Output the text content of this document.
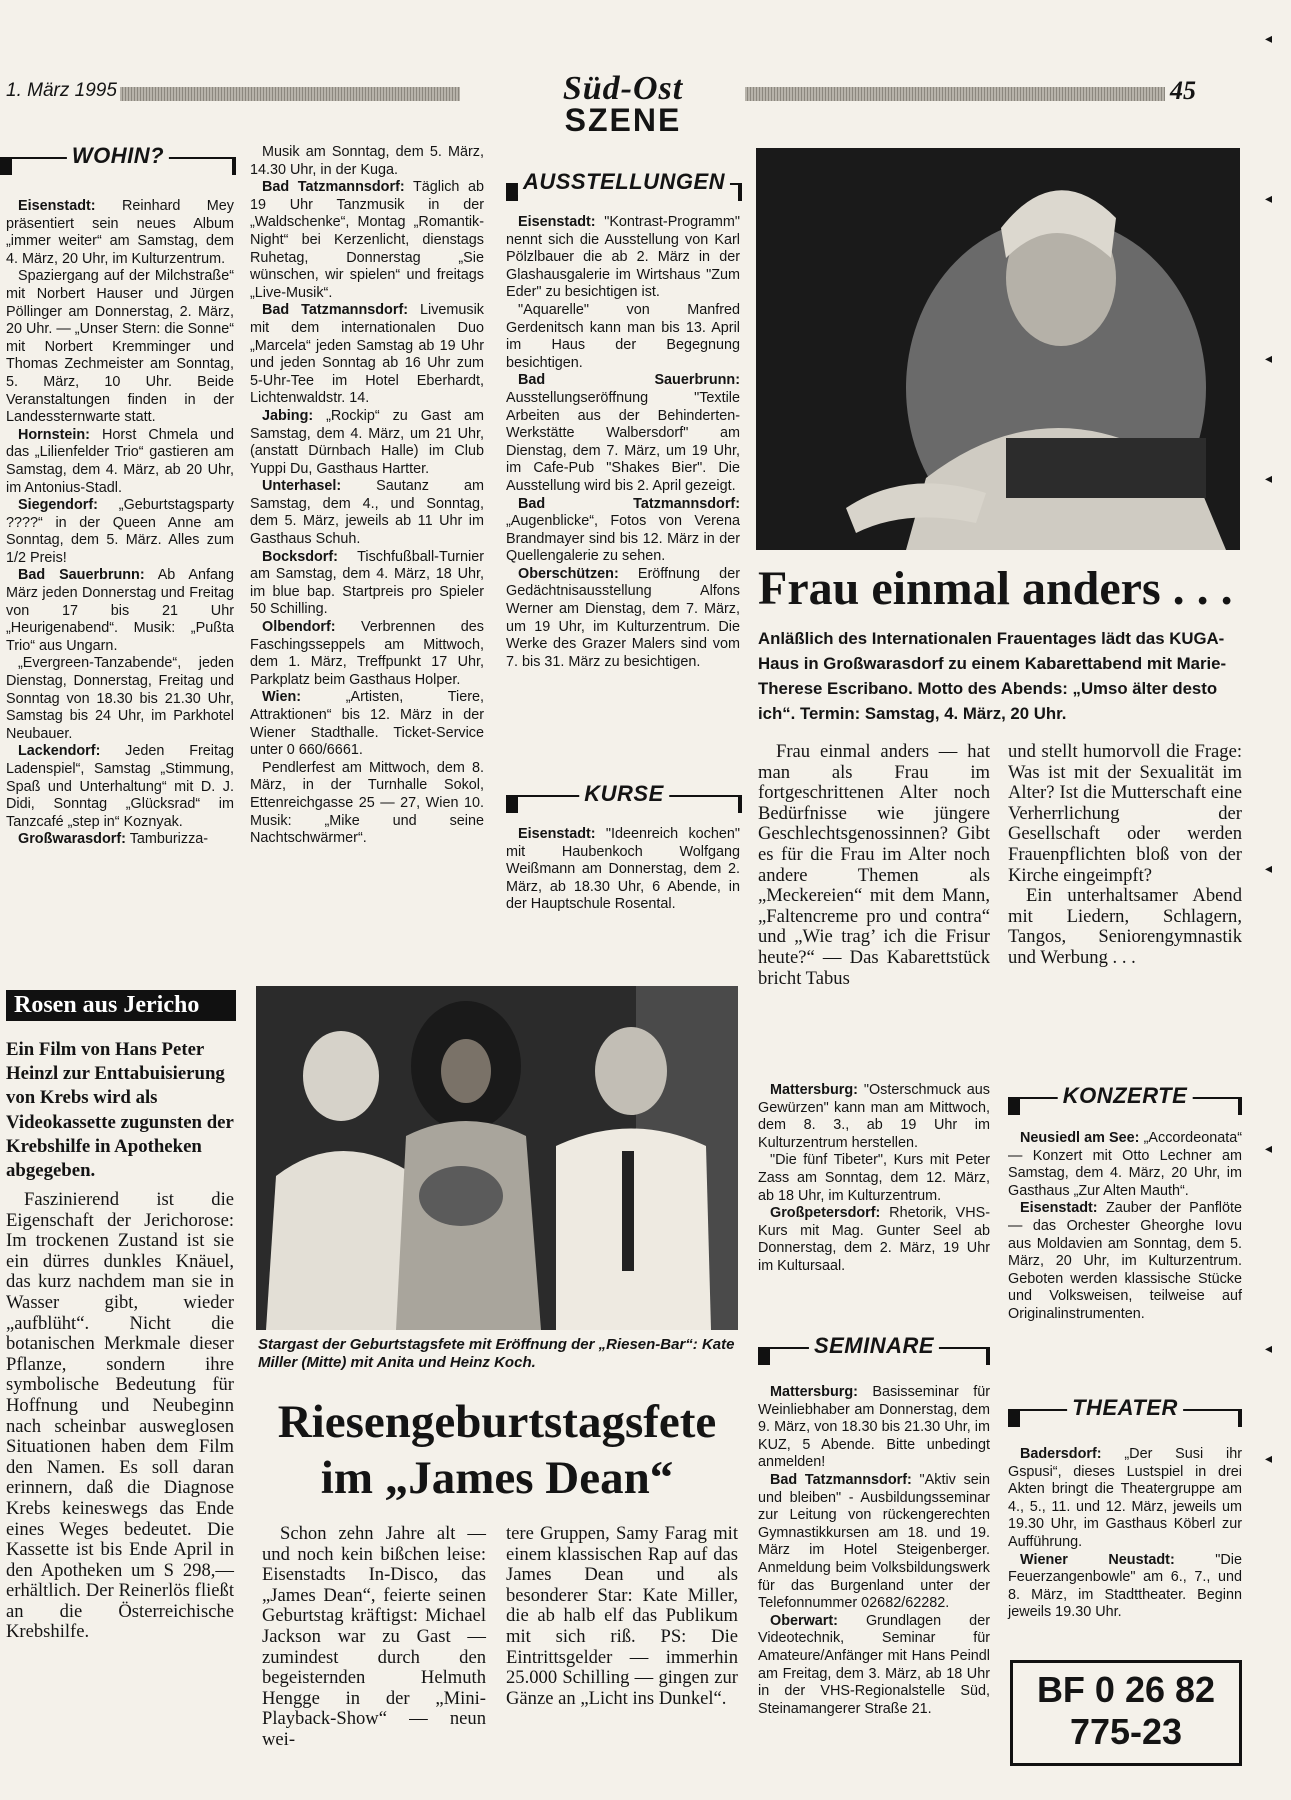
1. März 1995	Süd-Ost
SZENE
45
◂
◂
◂
◂
◂
◂
◂
◂
WOHIN?

Eisenstadt: Reinhard Mey präsentiert sein neues Album „immer weiter“ am Samstag, dem 4. März, 20 Uhr, im Kulturzentrum.

Spaziergang auf der Milchstraße“ mit Norbert Hauser und Jürgen Pöllinger am Donnerstag, 2. März, 20 Uhr. — „Unser Stern: die Sonne“ mit Norbert Kremminger und Thomas Zechmeister am Sonntag, 5. März, 10 Uhr. Beide Veranstaltungen finden in der Landessternwarte statt.

Hornstein: Horst Chmela und das „Lilienfelder Trio“ gastieren am Samstag, dem 4. März, ab 20 Uhr, im Antonius-Stadl.

Siegendorf: „Geburtstagsparty ????“ in der Queen Anne am Sonntag, dem 5. März. Alles zum 1/2 Preis!

Bad Sauerbrunn: Ab Anfang März jeden Donnerstag und Freitag von 17 bis 21 Uhr „Heurigenabend“. Musik: „Pußta Trio“ aus Ungarn.

„Evergreen-Tanzabende“, jeden Dienstag, Donnerstag, Freitag und Sonntag von 18.30 bis 21.30 Uhr, Samstag bis 24 Uhr, im Parkhotel Neubauer.

Lackendorf: Jeden Freitag Ladenspiel“, Samstag „Stimmung, Spaß und Unterhaltung“ mit D. J. Didi, Sonntag „Glücksrad“ im Tanzcafé „step in“ Koznyak.

Großwarasdorf: Tamburizza-

Musik am Sonntag, dem 5. März, 14.30 Uhr, in der Kuga.

Bad Tatzmannsdorf: Täglich ab 19 Uhr Tanzmusik in der „Waldschenke“, Montag „Romantik-Night“ bei Kerzenlicht, dienstags Ruhetag, Donnerstag „Sie wünschen, wir spielen“ und freitags „Live-Musik“.

Bad Tatzmannsdorf: Livemusik mit dem internationalen Duo „Marcela“ jeden Samstag ab 19 Uhr und jeden Sonntag ab 16 Uhr zum 5-Uhr-Tee im Hotel Eberhardt, Lichtenwaldstr. 14.

Jabing: „Rockip“ zu Gast am Samstag, dem 4. März, um 21 Uhr, (anstatt Dürnbach Halle) im Club Yuppi Du, Gasthaus Hartter.

Unterhasel: Sautanz am Samstag, dem 4., und Sonntag, dem 5. März, jeweils ab 11 Uhr im Gasthaus Schuh.

Bocksdorf: Tischfußball-Turnier am Samstag, dem 4. März, 18 Uhr, im blue bap. Startpreis pro Spieler 50 Schilling.

Olbendorf: Verbrennen des Faschingsseppels am Mittwoch, dem 1. März, Treffpunkt 17 Uhr, Parkplatz beim Gasthaus Holper.

Wien: „Artisten, Tiere, Attraktionen“ bis 12. März in der Wiener Stadthalle. Ticket-Service unter 0 660/6661.

Pendlerfest am Mittwoch, dem 8. März, in der Turnhalle Sokol, Ettenreichgasse 25 — 27, Wien 10. Musik: „Mike und seine Nachtschwärmer“.

AUSSTELLUNGEN

Eisenstadt: "Kontrast-Programm" nennt sich die Ausstellung von Karl Pölzlbauer die ab 2. März in der Glashausgalerie im Wirtshaus "Zum Eder" zu besichtigen ist.

"Aquarelle" von Manfred Gerdenitsch kann man bis 13. April im Haus der Begegnung besichtigen.

Bad Sauerbrunn: Ausstellungseröffnung "Textile Arbeiten aus der Behinderten-Werkstätte Walbersdorf" am Dienstag, dem 7. März, um 19 Uhr, im Cafe-Pub "Shakes Bier". Die Ausstellung wird bis 2. April gezeigt.

Bad Tatzmannsdorf: „Augenblicke“, Fotos von Verena Brandmayer sind bis 12. März in der Quellengalerie zu sehen.

Oberschützen: Eröffnung der Gedächtnisausstellung Alfons Werner am Dienstag, dem 7. März, um 19 Uhr, im Kulturzentrum. Die Werke des Grazer Malers sind vom 7. bis 31. März zu besichtigen.

KURSE

Eisenstadt: "Ideenreich kochen" mit Haubenkoch Wolfgang Weißmann am Donnerstag, dem 2. März, ab 18.30 Uhr, 6 Abende, in der Hauptschule Rosental.

Frau einmal anders . . .
Anläßlich des Internationalen Frauentages lädt das KUGA-Haus in Großwarasdorf zu einem Kabarettabend mit Marie-Therese Escribano. Motto des Abends: „Umso älter desto ich“. Termin: Samstag, 4. März, 20 Uhr.

Frau einmal anders — hat man als Frau im fortgeschrittenen Alter noch Bedürfnisse wie jüngere Geschlechtsgenossinnen? Gibt es für die Frau im Alter noch andere Themen als „Meckereien“ mit dem Mann, „Faltencreme pro und contra“ und „Wie trag’ ich die Frisur heute?“ — Das Kabarettstück bricht Tabus

und stellt humorvoll die Frage: Was ist mit der Sexualität im Alter? Ist die Mutterschaft eine Verherrlichung der Gesellschaft oder werden Frauenpflichten bloß von der Kirche eingeimpft?

Ein unterhaltsamer Abend mit Liedern, Schlagern, Tangos, Seniorengymnastik und Werbung . . .

Rosen aus Jericho
Ein Film von Hans Peter Heinzl zur Enttabuisierung von Krebs wird als Videokassette zugunsten der Krebshilfe in Apotheken abgegeben.

Faszinierend ist die Eigenschaft der Jerichorose: Im trockenen Zustand ist sie ein dürres dunkles Knäuel, das kurz nachdem man sie in Wasser gibt, wieder „aufblüht“. Nicht die botanischen Merkmale dieser Pflanze, sondern ihre symbolische Bedeutung für Hoffnung und Neubeginn nach scheinbar ausweglosen Situationen haben dem Film den Namen. Es soll daran erinnern, daß die Diagnose Krebs keineswegs das Ende eines Weges bedeutet. Die Kassette ist bis Ende April in den Apotheken um S 298,— erhältlich. Der Reinerlös fließt an die Österreichische Krebshilfe.

Stargast der Geburtstagsfete mit Eröffnung der „Riesen-Bar“: Kate Miller (Mitte) mit Anita und Heinz Koch.
Riesengeburtstagsfete
im „James Dean“

Schon zehn Jahre alt — und noch kein bißchen leise: Eisenstadts In-Disco, das „James Dean“, feierte seinen Geburtstag kräftigst: Michael Jackson war zu Gast — zumindest durch den begeisternden Helmuth Hengge in der „Mini-Playback-Show“ — neun wei-

tere Gruppen, Samy Farag mit einem klassischen Rap auf das James Dean und als besonderer Star: Kate Miller, die ab halb elf das Publikum mit sich riß. PS: Die Eintrittsgelder — immerhin 25.000 Schilling — gingen zur Gänze an „Licht ins Dunkel“.

Mattersburg: "Osterschmuck aus Gewürzen" kann man am Mittwoch, dem 8. 3., ab 19 Uhr im Kulturzentrum herstellen.

"Die fünf Tibeter", Kurs mit Peter Zass am Sonntag, dem 12. März, ab 18 Uhr, im Kulturzentrum.

Großpetersdorf: Rhetorik, VHS-Kurs mit Mag. Gunter Seel ab Donnerstag, dem 2. März, 19 Uhr im Kultursaal.

SEMINARE

Mattersburg: Basisseminar für Weinliebhaber am Donnerstag, dem 9. März, von 18.30 bis 21.30 Uhr, im KUZ, 5 Abende. Bitte unbedingt anmelden!

Bad Tatzmannsdorf: "Aktiv sein und bleiben" - Ausbildungsseminar zur Leitung von rückengerechten Gymnastikkursen am 18. und 19. März im Hotel Steigenberger. Anmeldung beim Volksbildungswerk für das Burgenland unter der Telefonnummer 02682/62282.

Oberwart: Grundlagen der Videotechnik, Seminar für Amateure/Anfänger mit Hans Peindl am Freitag, dem 3. März, ab 18 Uhr in der VHS-Regionalstelle Süd, Steinamangerer Straße 21.

KONZERTE

Neusiedl am See: „Accordeonata“ — Konzert mit Otto Lechner am Samstag, dem 4. März, 20 Uhr, im Gasthaus „Zur Alten Mauth“.

Eisenstadt: Zauber der Panflöte — das Orchester Gheorghe Iovu aus Moldavien am Sonntag, dem 5. März, 20 Uhr, im Kulturzentrum. Geboten werden klassische Stücke und Volksweisen, teilweise auf Originalinstrumenten.

THEATER

Badersdorf: „Der Susi ihr Gspusi“, dieses Lustspiel in drei Akten bringt die Theatergruppe am 4., 5., 11. und 12. März, jeweils um 19.30 Uhr, im Gasthaus Köberl zur Aufführung.

Wiener Neustadt: "Die Feuerzangenbowle" am 6., 7., und 8. März, im Stadttheater. Beginn jeweils 19.30 Uhr.

BF 0 26 82
775-23
